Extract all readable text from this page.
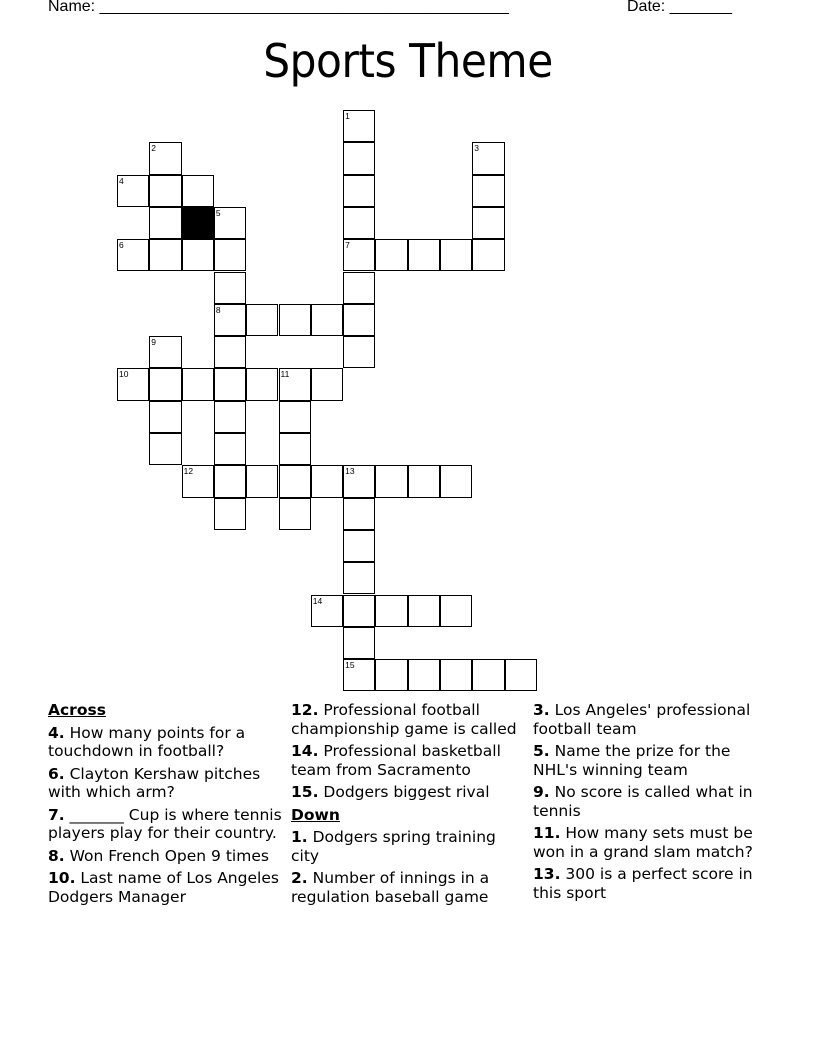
Name: ______________________________________________	Date: _______
Sports Theme
1
7
2	3
4
5
8
6
9
10	11
12	13
15
14
Across
4. How many points for a touchdown in football?
6. Clayton Kershaw pitches with which arm?
7. _______ Cup is where tennis players play for their country.
8. Won French Open 9 times
10. Last name of Los Angeles Dodgers Manager
12. Professional football championship game is called
14. Professional basketball team from Sacramento
15. Dodgers biggest rival
Down
1. Dodgers spring training city
2. Number of innings in a regulation baseball game
3. Los Angeles' professional football team
5. Name the prize for the NHL's winning team
9. No score is called what in tennis
11. How many sets must be won in a grand slam match?
13. 300 is a perfect score in this sport
